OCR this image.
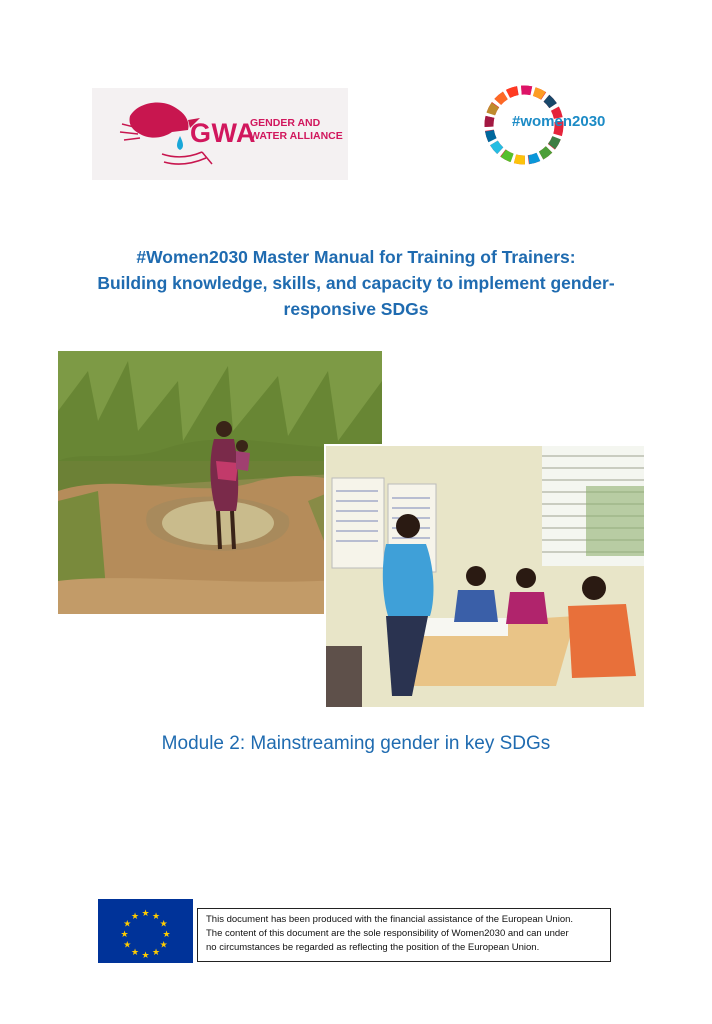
GWA
GENDER AND
WATER ALLIANCE
#women2030
#Women2030 Master Manual for Training of Trainers:
Building knowledge, skills, and capacity to implement gender-
responsive SDGs
Module 2: Mainstreaming gender in key SDGs
★ ★
★
★
★
★
★
★
★
★
★
★	This document has been produced with the financial assistance of the European Union.
The content of this document are the sole responsibility of Women2030 and can under
no circumstances be regarded as reflecting the position of the European Union.
